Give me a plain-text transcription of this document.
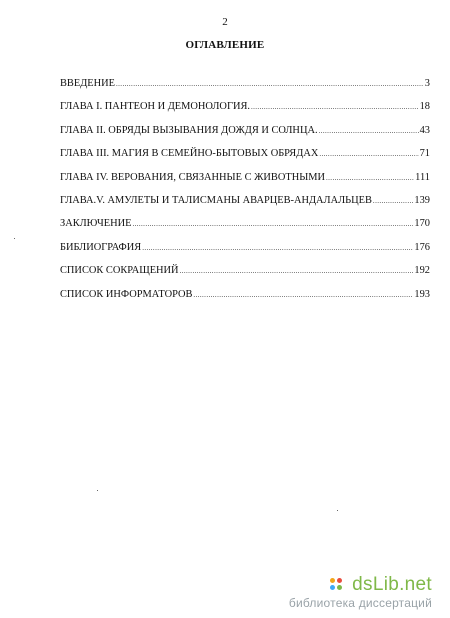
2
ОГЛАВЛЕНИЕ
ВВЕДЕНИЕ .....	3
ГЛАВА I. ПАНТЕОН И ДЕМОНОЛОГИЯ. .....	18
ГЛАВА II. ОБРЯДЫ ВЫЗЫВАНИЯ ДОЖДЯ И СОЛНЦА. .....	43
ГЛАВА III. МАГИЯ В СЕМЕЙНО-БЫТОВЫХ ОБРЯДАХ .....	71
ГЛАВА IV. ВЕРОВАНИЯ, СВЯЗАННЫЕ С ЖИВОТНЫМИ .....	111
ГЛАВА.V. АМУЛЕТЫ И ТАЛИСМАНЫ АВАРЦЕВ-АНДАЛАЛЬЦЕВ .....	139
ЗАКЛЮЧЕНИЕ .....	170
БИБЛИОГРАФИЯ .....	176
СПИСОК СОКРАЩЕНИЙ .....	192
СПИСОК ИНФОРМАТОРОВ .....	193
dsLib.net
библиотека диссертаций
